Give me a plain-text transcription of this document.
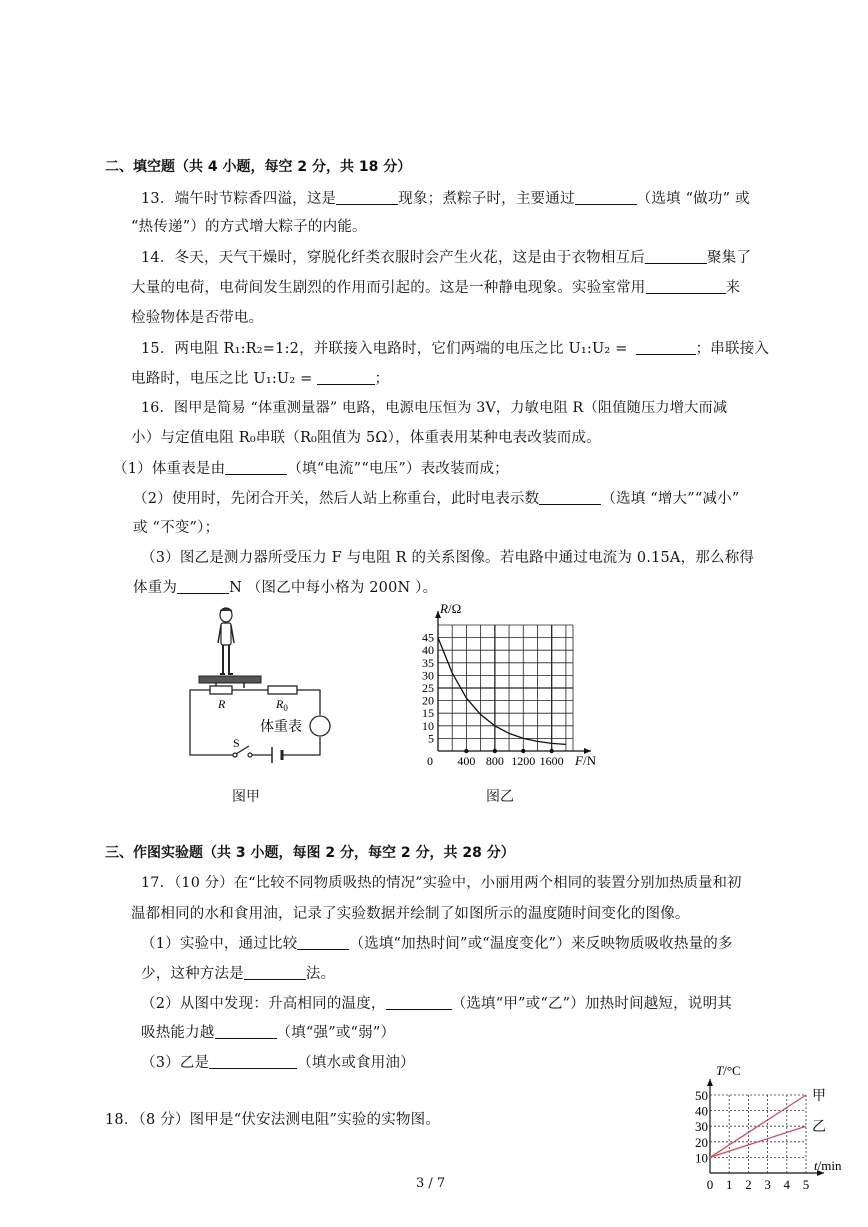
二、填空题（共 4 小题，每空 2 分，共 18 分）
13．端午时节粽香四溢，这是	现象；煮粽子时，主要通过	（选填 “做功” 或
“热传递”）的方式增大粽子的内能。
14．冬天，天气干燥时，穿脱化纤类衣服时会产生火花，这是由于衣物相互后	聚集了
大量的电荷，电荷间发生剧烈的作用而引起的。这是一种静电现象。实验室常用	来
检验物体是否带电。
15．两电阻 R₁:R₂=1:2，并联接入电路时，它们两端的电压之比 U₁:U₂ =	；串联接入
电路时，电压之比 U₁:U₂ =	；
16．图甲是简易 “体重测量器” 电路，电源电压恒为 3V，力敏电阻 R（阻值随压力增大而减
小）与定值电阻 R₀串联（R₀阻值为 5Ω），体重表用某种电表改装而成。
（1）体重表是由	（填“电流”“电压”）表改装而成；
（2）使用时，先闭合开关，然后人站上称重台，此时电表示数	（选填 “增大”“减小”
或 “不变”）；
（3）图乙是测力器所受压力 F 与电阻 R 的关系图像。若电路中通过电流为 0.15A，那么称得
体重为	N （图乙中每小格为 200N ）。
R	$R_0$
体重表
S
图甲
0 400 800 1200 1600
5
10
15
20
25
30
35
40
45
R/Ω
F/N
图乙
三、作图实验题（共 3 小题，每图 2 分，每空 2 分，共 28 分）
17．（10 分）在“比较不同物质吸热的情况”实验中，小丽用两个相同的装置分别加热质量和初
温都相同的水和食用油，记录了实验数据并绘制了如图所示的温度随时间变化的图像。
（1）实验中，通过比较	（选填“加热时间”或“温度变化”）来反映物质吸收热量的多
少，这种方法是	法。
（2）从图中发现：升高相同的温度，	（选填“甲”或“乙”）加热时间越短，说明其
吸热能力越	（填“强”或“弱”）
（3）乙是	（填水或食用油）
18．（8 分）图甲是“伏安法测电阻”实验的实物图。
甲
乙
0 1 2 3 4 5
10
20
30
40
50
T/°C
t/min
3 / 7
